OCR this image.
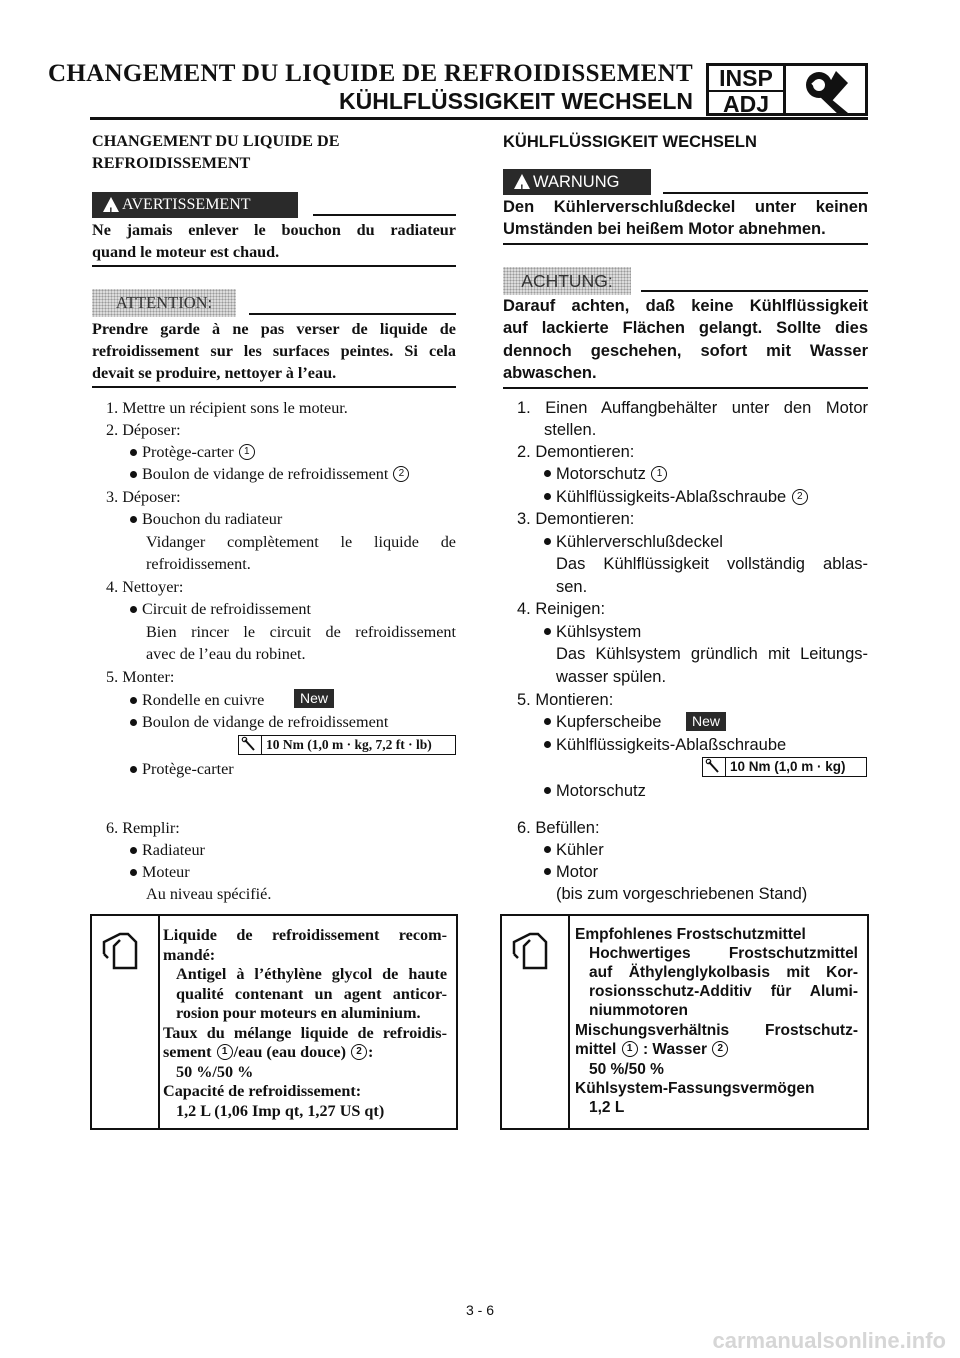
CHANGEMENT DU LIQUIDE DE REFROIDISSEMENT
KÜHLFLÜSSIGKEIT WECHSELN
INSP
ADJ
CHANGEMENT DU LIQUIDE DE
REFROIDISSEMENT
!
AVERTISSEMENT
Ne jamais enlever le bouchon du radiateur
quand le moteur est chaud.
ATTENTION:
Prendre garde à ne pas verser de liquide de
refroidissement sur les surfaces peintes. Si cela
devait se produire, nettoyer à l’eau.
1. Mettre un récipient sons le moteur.
2. Déposer:
Protège-carter 1
Boulon de vidange de refroidissement 2
3. Déposer:
Bouchon du radiateur
Vidanger complètement le liquide de
refroidissement.
4. Nettoyer:
Circuit de refroidissement
Bien rincer le circuit de refroidissement
avec de l’eau du robinet.
5. Monter:
Rondelle en cuivre	New
Boulon de vidange de refroidissement
10 Nm (1,0 m · kg, 7,2 ft · lb)
Protège-carter
6. Remplir:
Radiateur
Moteur
Au niveau spécifié.
Liquide de refroidissement recom-
mandé:
Antigel à l’éthylène glycol de haute
qualité contenant un agent anticor-
rosion pour moteurs en aluminium.
Taux du mélange liquide de refroidis-
sement 1 /eau (eau douce) 2 :
50 %/50 %
Capacité de refroidissement:
1,2 L (1,06 Imp qt, 1,27 US qt)
KÜHLFLÜSSIGKEIT WECHSELN
!
WARNUNG
Den Kühlerverschlußdeckel unter keinen
Umständen bei heißem Motor abnehmen.
ACHTUNG:
Darauf achten, daß keine Kühlflüssigkeit
auf lackierte Flächen gelangt. Sollte dies
dennoch geschehen, sofort mit Wasser
abwaschen.
1. Einen Auffangbehälter unter den Motor
stellen.
2. Demontieren:
Motorschutz 1
Kühlflüssigkeits-Ablaßschraube 2
3. Demontieren:
Kühlerverschlußdeckel
Das Kühlflüssigkeit vollständig ablas-
sen.
4. Reinigen:
Kühlsystem
Das Kühlsystem gründlich mit Leitungs-
wasser spülen.
5. Montieren:
Kupferscheibe	New
Kühlflüssigkeits-Ablaßschraube
10 Nm (1,0 m · kg)
Motorschutz
6. Befüllen:
Kühler
Motor
(bis zum vorgeschriebenen Stand)
Empfohlenes Frostschutzmittel
Hochwertiges Frostschutzmittel
auf Äthylenglykolbasis mit Kor-
rosionsschutz-Additiv für Alumi-
niummotoren
Mischungsverhältnis Frostschutz-
mittel 1 : Wasser 2
50 %/50 %
Kühlsystem-Fassungsvermögen
1,2 L
3 - 6
carmanualsonline.info
